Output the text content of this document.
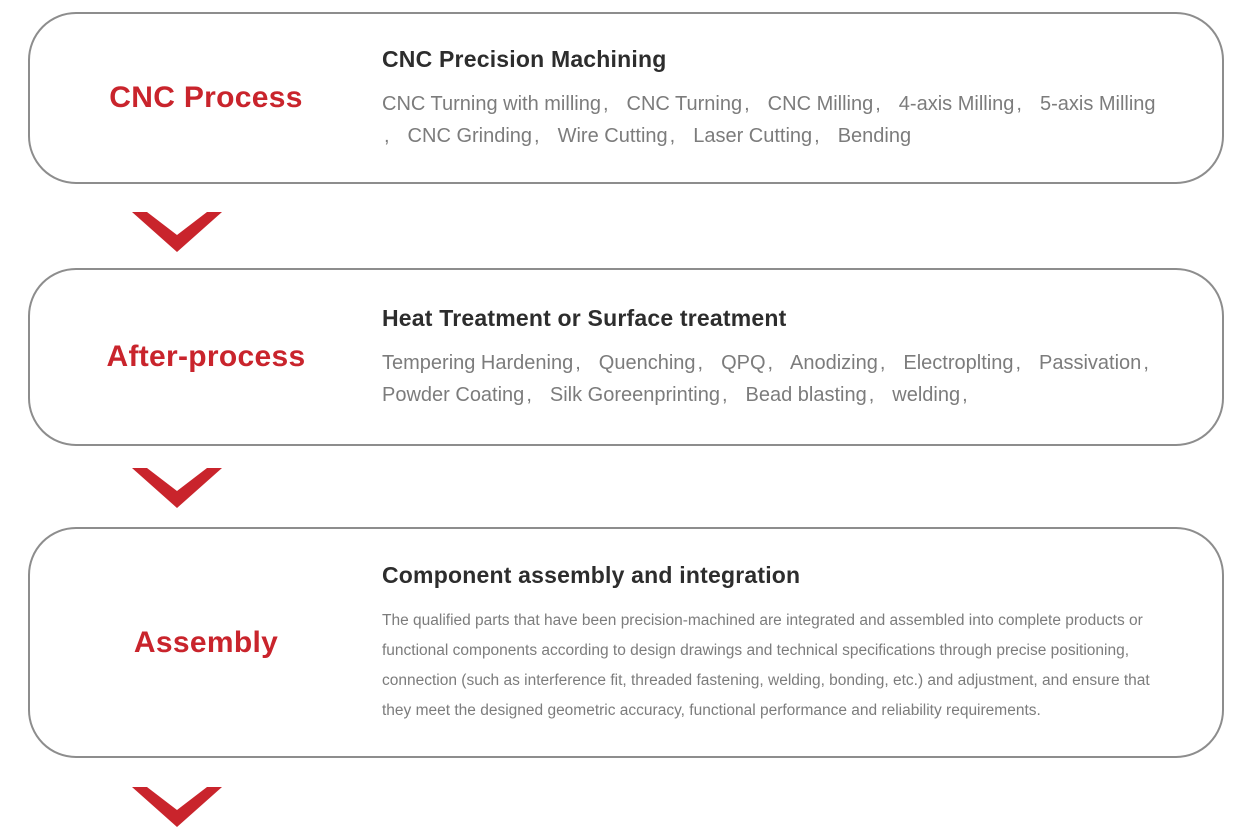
CNC Process
CNC Precision Machining
CNC Turning with milling , CNC Turning , CNC Milling , 4-axis Milling , 5-axis Milling, CNC Grinding , Wire Cutting , Laser Cutting , Bending
After-process
Heat Treatment or Surface treatment
Tempering Hardening , Quenching , QPQ , Anodizing , Electroplting , Passivation , Powder Coating , Silk Goreenprinting , Bead blasting , welding ,
Assembly
Component assembly and integration
The qualified parts that have been precision-machined are integrated and assembled into complete products or functional components according to design drawings and technical specifications through precise positioning, connection (such as interference fit, threaded fastening, welding, bonding, etc.) and adjustment, and ensure that they meet the designed geometric accuracy, functional performance and reliability requirements.
